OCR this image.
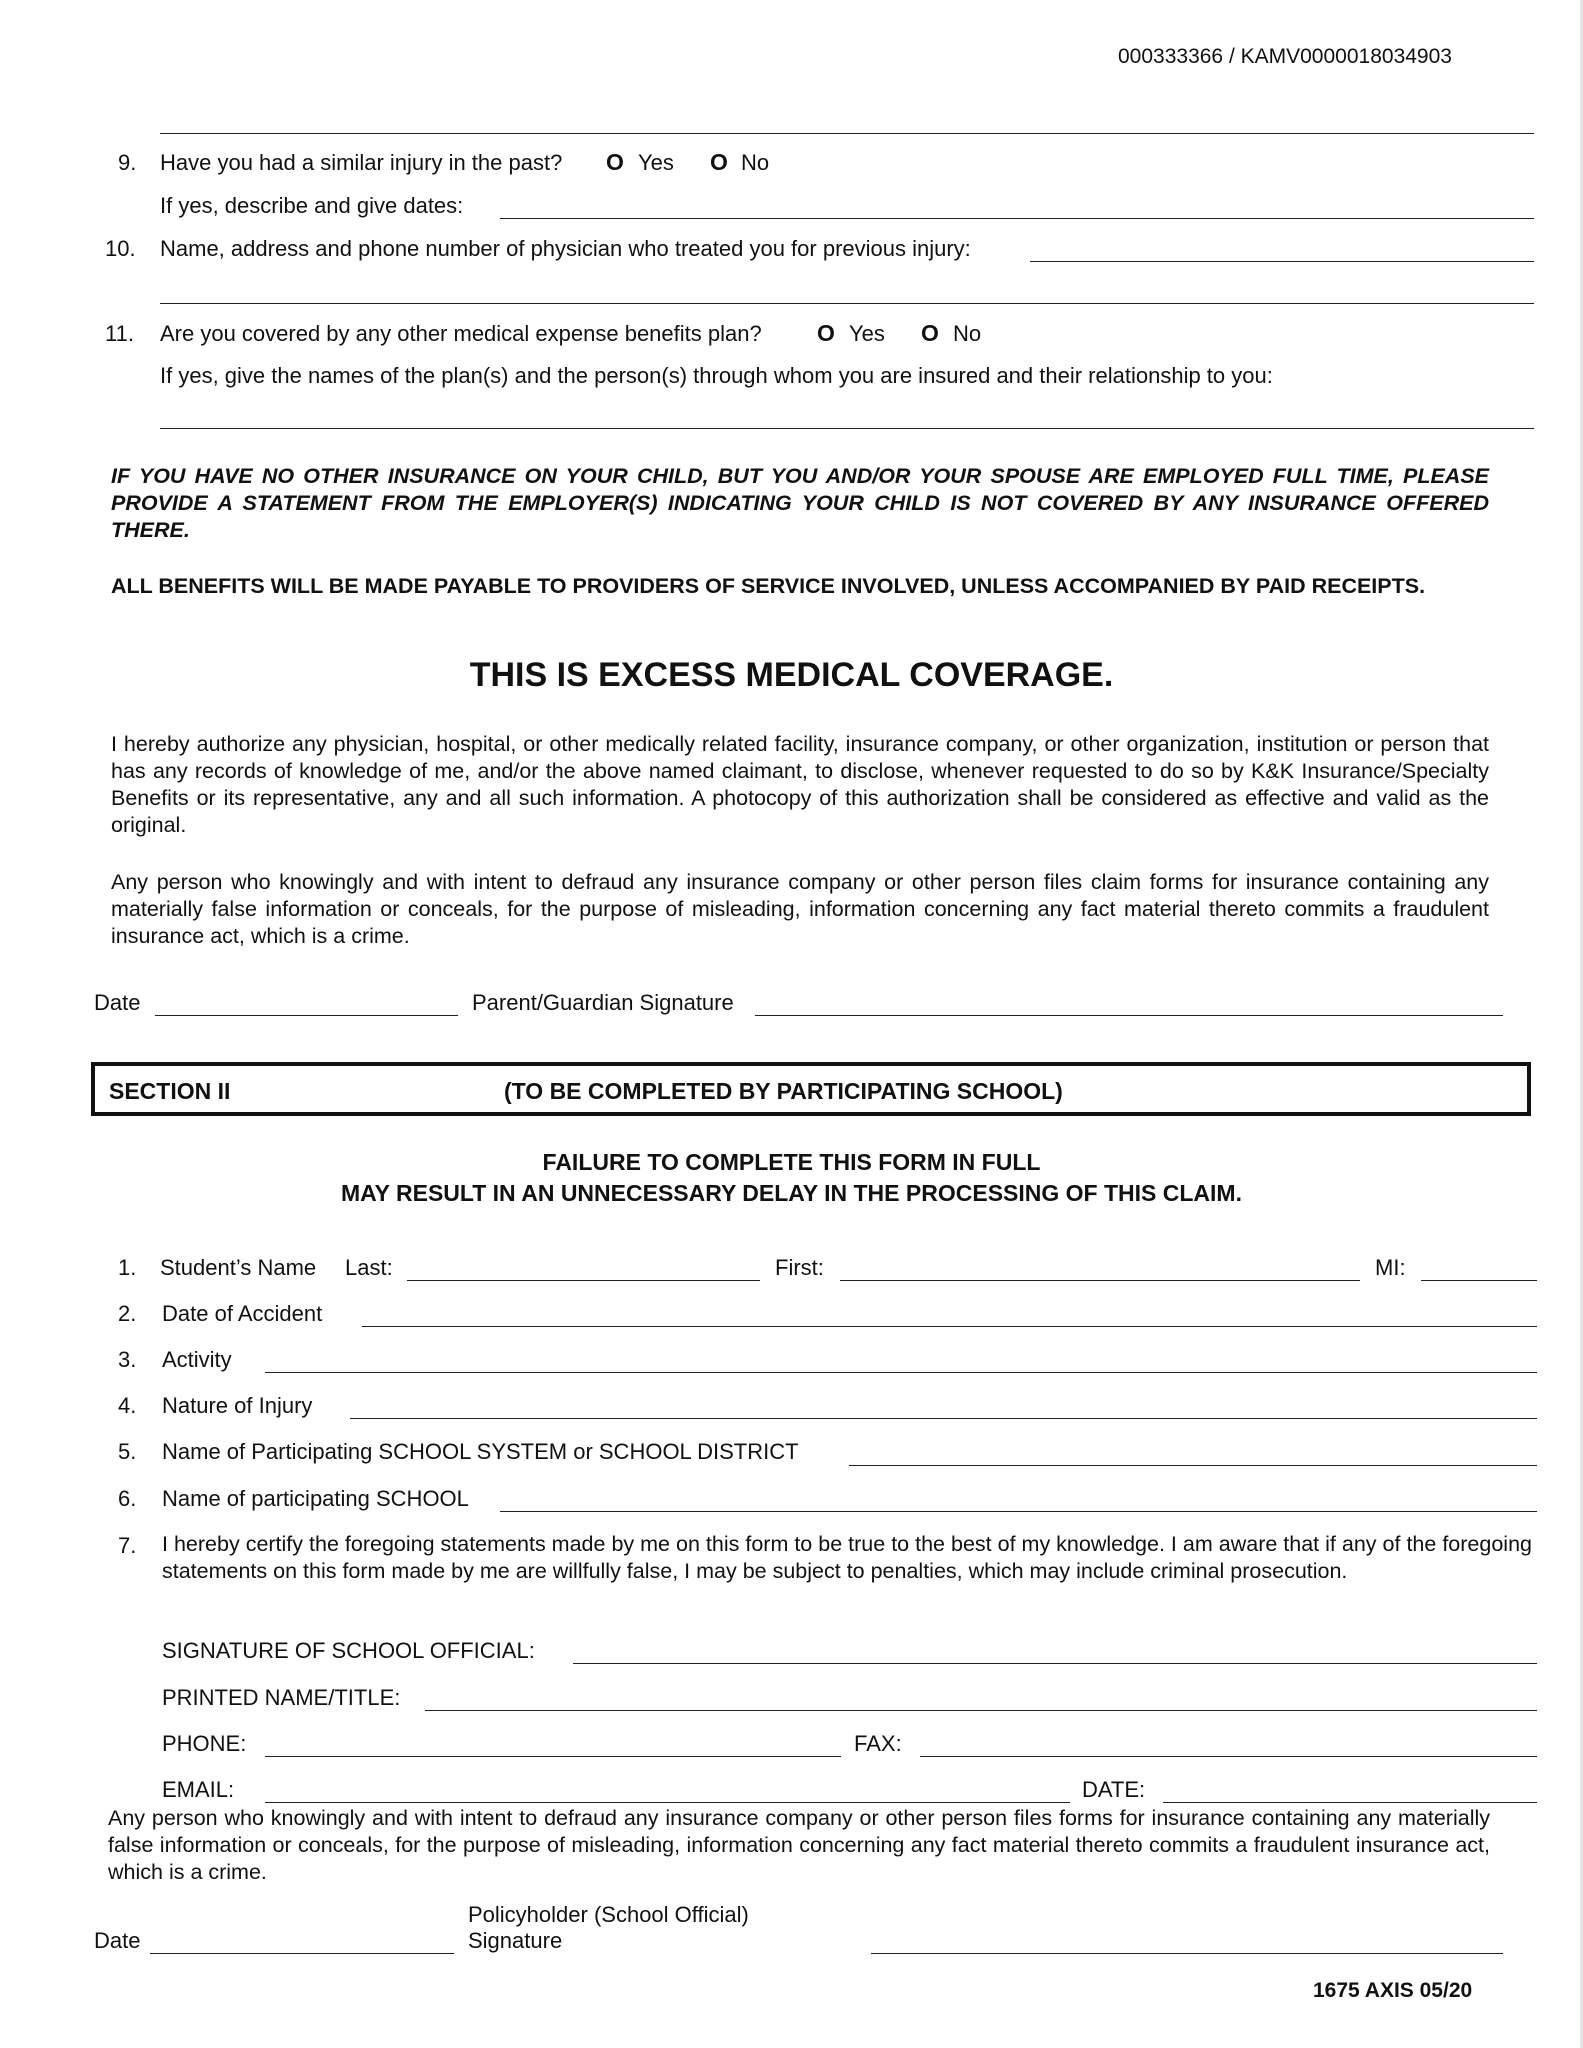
000333366 / KAMV0000018034903
9. Have you had a similar injury in the past? O Yes O No
If yes, describe and give dates:
10. Name, address and phone number of physician who treated you for previous injury:
11. Are you covered by any other medical expense benefits plan? O Yes O No
If yes, give the names of the plan(s) and the person(s) through whom you are insured and their relationship to you:
IF YOU HAVE NO OTHER INSURANCE ON YOUR CHILD, BUT YOU AND/OR YOUR SPOUSE ARE EMPLOYED FULL TIME, PLEASE PROVIDE A STATEMENT FROM THE EMPLOYER(S) INDICATING YOUR CHILD IS NOT COVERED BY ANY INSURANCE OFFERED THERE.
ALL BENEFITS WILL BE MADE PAYABLE TO PROVIDERS OF SERVICE INVOLVED, UNLESS ACCOMPANIED BY PAID RECEIPTS.
THIS IS EXCESS MEDICAL COVERAGE.
I hereby authorize any physician, hospital, or other medically related facility, insurance company, or other organization, institution or person that has any records of knowledge of me, and/or the above named claimant, to disclose, whenever requested to do so by K&K Insurance/Specialty Benefits or its representative, any and all such information. A photocopy of this authorization shall be considered as effective and valid as the original.
Any person who knowingly and with intent to defraud any insurance company or other person files claim forms for insurance containing any materially false information or conceals, for the purpose of misleading, information concerning any fact material thereto commits a fraudulent insurance act, which is a crime.
Date	Parent/Guardian Signature
SECTION II	(TO BE COMPLETED BY PARTICIPATING SCHOOL)
FAILURE TO COMPLETE THIS FORM IN FULL
MAY RESULT IN AN UNNECESSARY DELAY IN THE PROCESSING OF THIS CLAIM.
1. Student’s Name Last:	First:	MI:
2. Date of Accident
3. Activity
4. Nature of Injury
5. Name of Participating SCHOOL SYSTEM or SCHOOL DISTRICT
6. Name of participating SCHOOL
7. I hereby certify the foregoing statements made by me on this form to be true to the best of my knowledge. I am aware that if any of the foregoing statements on this form made by me are willfully false, I may be subject to penalties, which may include criminal prosecution.
SIGNATURE OF SCHOOL OFFICIAL:
PRINTED NAME/TITLE:
PHONE:	FAX:
EMAIL:	DATE:
Any person who knowingly and with intent to defraud any insurance company or other person files forms for insurance containing any materially false information or conceals, for the purpose of misleading, information concerning any fact material thereto commits a fraudulent insurance act, which is a crime.
Date
Policyholder (School Official)
Signature
1675 AXIS 05/20
